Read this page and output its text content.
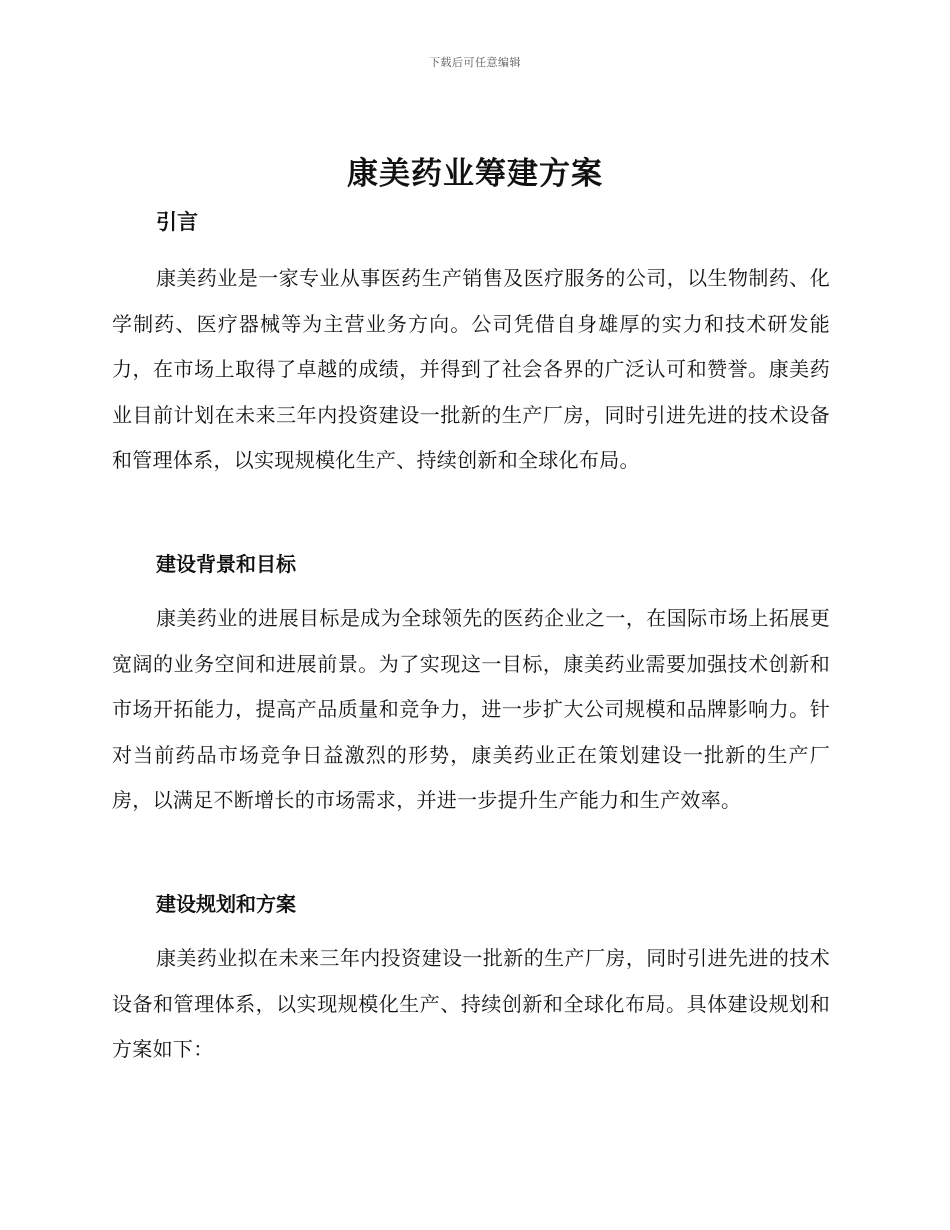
下载后可任意编辑
康美药业筹建方案
引言

康美药业是一家专业从事医药生产销售及医疗服务的公司，以生物制药、化学制药、医疗器械等为主营业务方向。公司凭借自身雄厚的实力和技术研发能力，在市场上取得了卓越的成绩，并得到了社会各界的广泛认可和赞誉。康美药业目前计划在未来三年内投资建设一批新的生产厂房，同时引进先进的技术设备和管理体系，以实现规模化生产、持续创新和全球化布局。

建设背景和目标

康美药业的进展目标是成为全球领先的医药企业之一，在国际市场上拓展更宽阔的业务空间和进展前景。为了实现这一目标，康美药业需要加强技术创新和市场开拓能力，提高产品质量和竞争力，进一步扩大公司规模和品牌影响力。针对当前药品市场竞争日益激烈的形势，康美药业正在策划建设一批新的生产厂房，以满足不断增长的市场需求，并进一步提升生产能力和生产效率。

建设规划和方案

康美药业拟在未来三年内投资建设一批新的生产厂房，同时引进先进的技术设备和管理体系，以实现规模化生产、持续创新和全球化布局。具体建设规划和方案如下：
